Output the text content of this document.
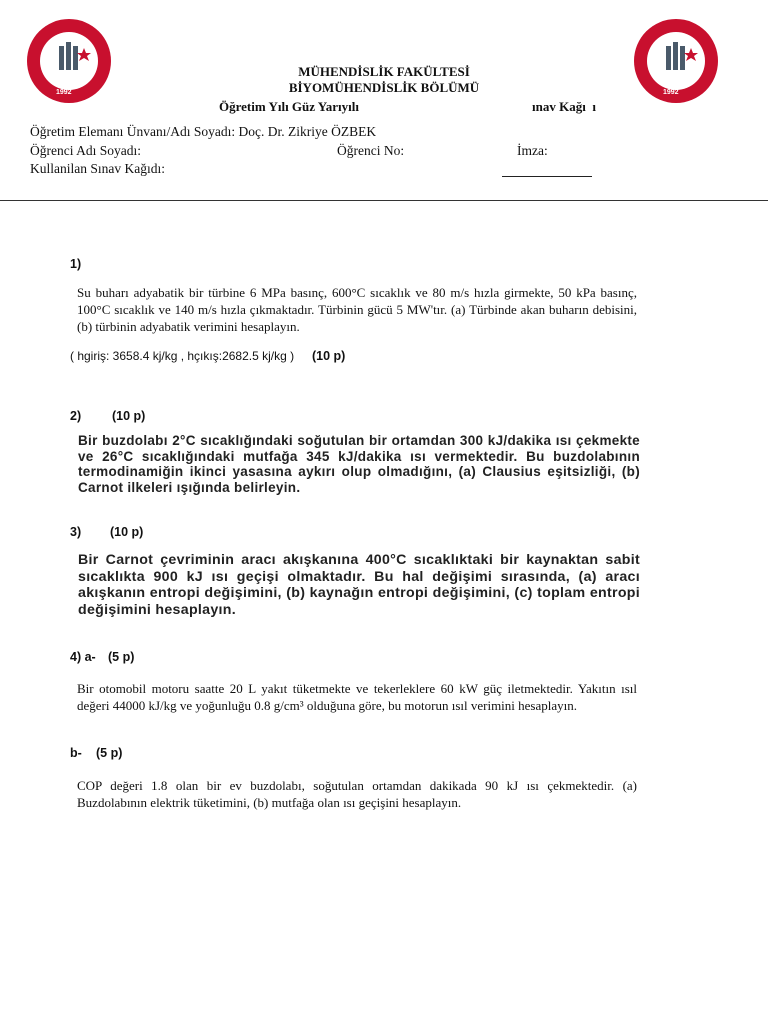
1992	1992
MÜHENDİSLİK FAKÜLTESİ
BİYOMÜHENDİSLİK BÖLÜMÜ
Öğretim Yılı Güz Yarıyılı	ınav Kağı  ı
Öğretim Elemanı Ünvanı/Adı Soyadı: Doç. Dr. Zikriye ÖZBEK
Öğrenci Adı Soyadı:	Öğrenci No:	İmza:
Kullanilan Sınav Kağıdı:
1)
Su buharı adyabatik bir türbine 6 MPa basınç, 600°C sıcaklık ve 80 m/s hızla girmekte, 50 kPa basınç, 100°C sıcaklık ve 140 m/s hızla çıkmaktadır. Türbinin gücü 5 MW'tır. (a) Türbinde akan buharın debisini, (b) türbinin adyabatik verimini hesaplayın.
( hgiriş: 3658.4 kj/kg , hçıkış:2682.5 kj/kg ) (10 p)
2) (10 p)
Bir buzdolabı 2°C sıcaklığındaki soğutulan bir ortamdan 300 kJ/dakika ısı çekmekte ve 26°C sıcaklığındaki mutfağa 345 kJ/dakika ısı vermektedir. Bu buzdolabının termodinamiğin ikinci yasasına aykırı olup olmadığını, (a) Clausius eşitsizliği, (b) Carnot ilkeleri ışığında belirleyin.
3) (10 p)
Bir Carnot çevriminin aracı akışkanına 400°C sıcaklıktaki bir kaynaktan sabit sıcaklıkta 900 kJ ısı geçişi olmaktadır. Bu hal değişimi sırasında, (a) aracı akışkanın entropi değişimini, (b) kaynağın entropi değişimini, (c) toplam entropi değişimini hesaplayın.
4) a- (5 p)
Bir otomobil motoru saatte 20 L yakıt tüketmekte ve tekerleklere 60 kW güç iletmektedir. Yakıtın ısıl değeri 44000 kJ/kg ve yoğunluğu 0.8 g/cm³ olduğuna göre, bu motorun ısıl verimini hesaplayın.
b- (5 p)
COP değeri 1.8 olan bir ev buzdolabı, soğutulan ortamdan dakikada 90 kJ ısı çekmektedir. (a) Buzdolabının elektrik tüketimini, (b) mutfağa olan ısı geçişini hesaplayın.
